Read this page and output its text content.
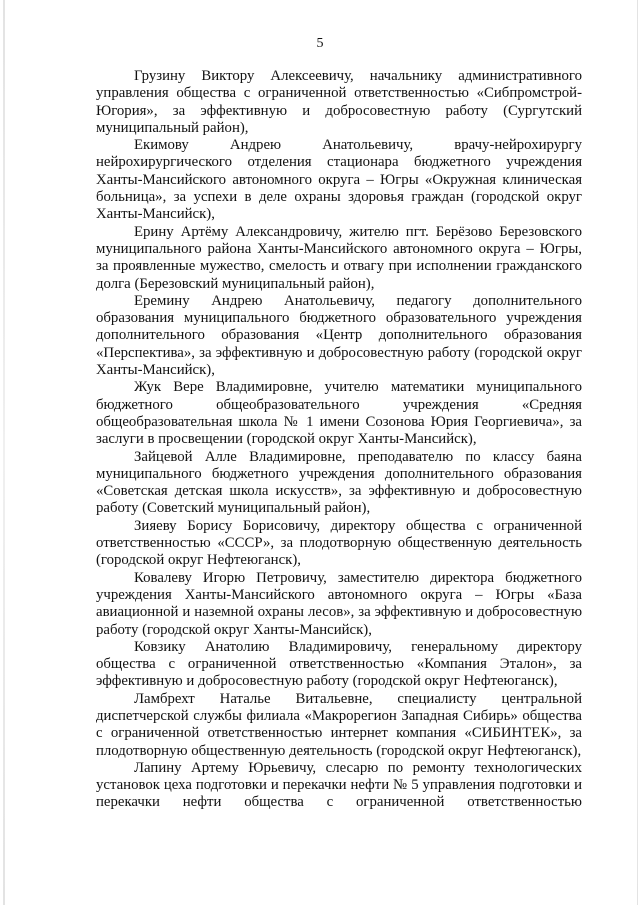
5

Грузину Виктору Алексеевичу, начальнику административного управления общества с ограниченной ответственностью «Сибпромстрой-Югория», за эффективную и добросовестную работу (Сургутский муниципальный район),

Екимову Андрею Анатольевичу, врачу-нейрохирургу нейрохирургического отделения стационара бюджетного учреждения Ханты-Мансийского автономного округа – Югры «Окружная клиническая больница», за успехи в деле охраны здоровья граждан (городской округ Ханты-Мансийск),

Ерину Артёму Александровичу, жителю пгт. Берёзово Березовского муниципального района Ханты-Мансийского автономного округа – Югры, за проявленные мужество, смелость и отвагу при исполнении гражданского долга (Березовский муниципальный район),

Еремину Андрею Анатольевичу, педагогу дополнительного образования муниципального бюджетного образовательного учреждения дополнительного образования «Центр дополнительного образования «Перспектива», за эффективную и добросовестную работу (городской округ Ханты-Мансийск),

Жук Вере Владимировне, учителю математики муниципального бюджетного общеобразовательного учреждения «Средняя общеобразовательная школа № 1 имени Созонова Юрия Георгиевича», за заслуги в просвещении (городской округ Ханты-Мансийск),

Зайцевой Алле Владимировне, преподавателю по классу баяна муниципального бюджетного учреждения дополнительного образования «Советская детская школа искусств», за эффективную и добросовестную работу (Советский муниципальный район),

Зияеву Борису Борисовичу, директору общества с ограниченной ответственностью «СССР», за плодотворную общественную деятельность (городской округ Нефтеюганск),

Ковалеву Игорю Петровичу, заместителю директора бюджетного учреждения Ханты-Мансийского автономного округа – Югры «База авиационной и наземной охраны лесов», за эффективную и добросовестную работу (городской округ Ханты-Мансийск),

Ковзику Анатолию Владимировичу, генеральному директору общества с ограниченной ответственностью «Компания Эталон», за эффективную и добросовестную работу (городской округ Нефтеюганск),

Ламбрехт Наталье Витальевне, специалисту центральной диспетчерской службы филиала «Макрорегион Западная Сибирь» общества с ограниченной ответственностью интернет компания «СИБИНТЕК», за плодотворную общественную деятельность (городской округ Нефтеюганск),

Лапину Артему Юрьевичу, слесарю по ремонту технологических установок цеха подготовки и перекачки нефти № 5 управления подготовки и перекачки нефти общества с ограниченной ответственностью
